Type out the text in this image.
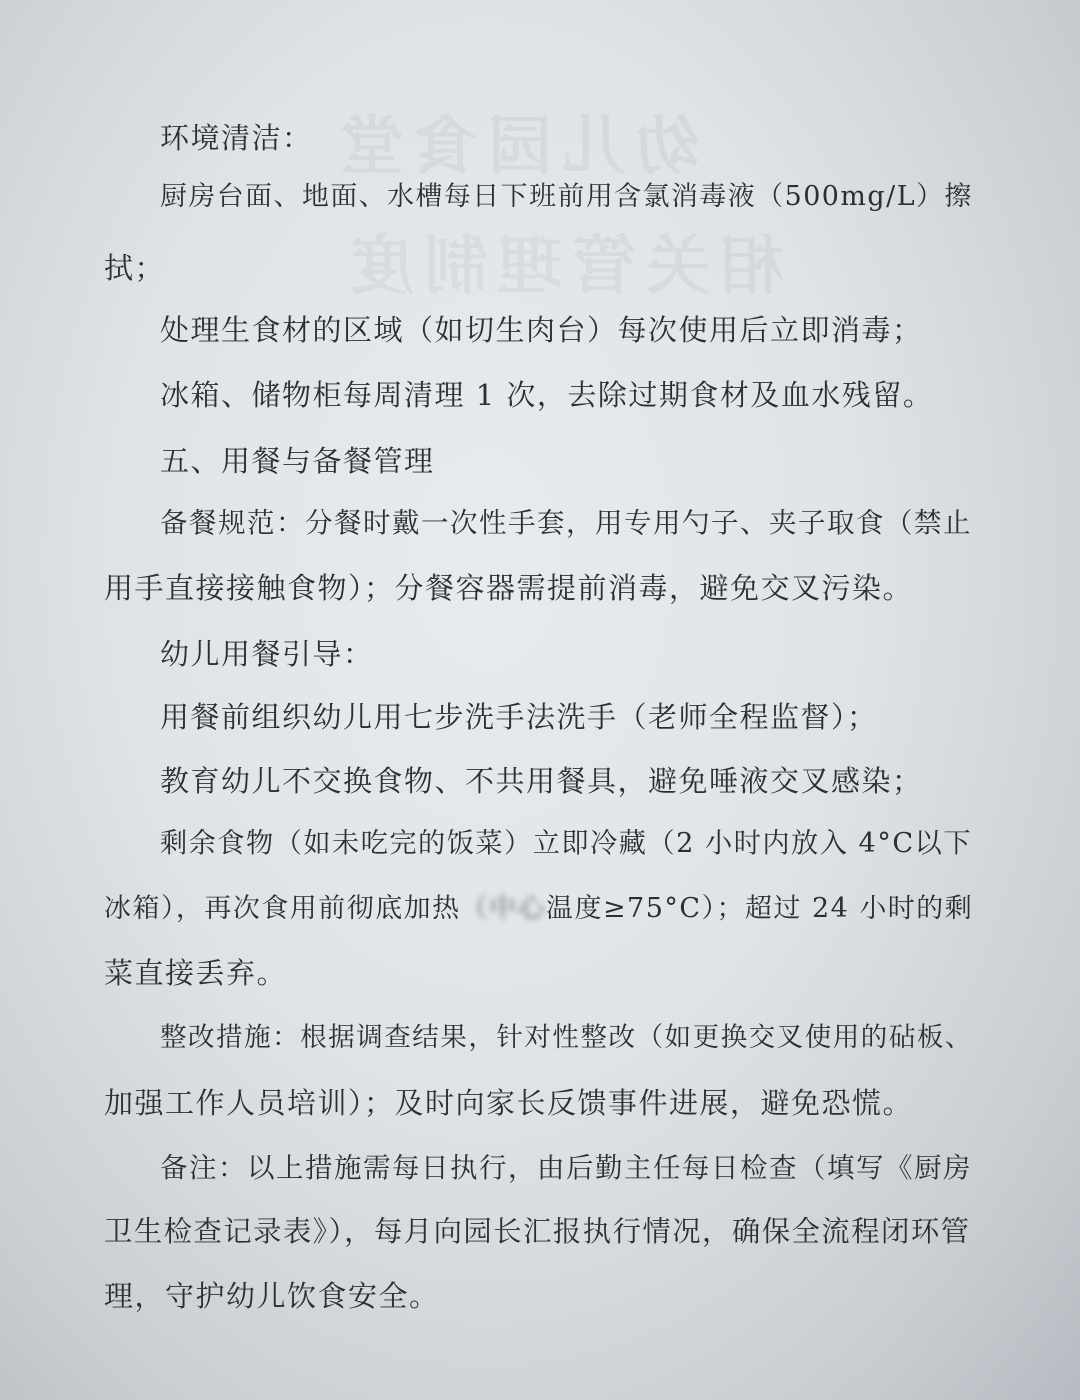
幼儿园食堂
相关管理制度

环境清洁：

厨房台面、地面、水槽每日下班前用含氯消毒液（500mg/L）擦

拭；

处理生食材的区域（如切生肉台）每次使用后立即消毒；

冰箱、储物柜每周清理 1 次，去除过期食材及血水残留。

五、用餐与备餐管理

备餐规范：分餐时戴一次性手套，用专用勺子、夹子取食（禁止

用手直接接触食物）；分餐容器需提前消毒，避免交叉污染。

幼儿用餐引导：

用餐前组织幼儿用七步洗手法洗手（老师全程监督）；

教育幼儿不交换食物、不共用餐具，避免唾液交叉感染；

剩余食物（如未吃完的饭菜）立即冷藏（2 小时内放入 4°C以下

冰箱），再次食用前彻底加热（中心温度≥75°C）；超过 24 小时的剩

菜直接丢弃。

整改措施：根据调查结果，针对性整改（如更换交叉使用的砧板、

加强工作人员培训）；及时向家长反馈事件进展，避免恐慌。

备注：以上措施需每日执行，由后勤主任每日检查（填写《厨房

卫生检查记录表》），每月向园长汇报执行情况，确保全流程闭环管

理，守护幼儿饮食安全。
